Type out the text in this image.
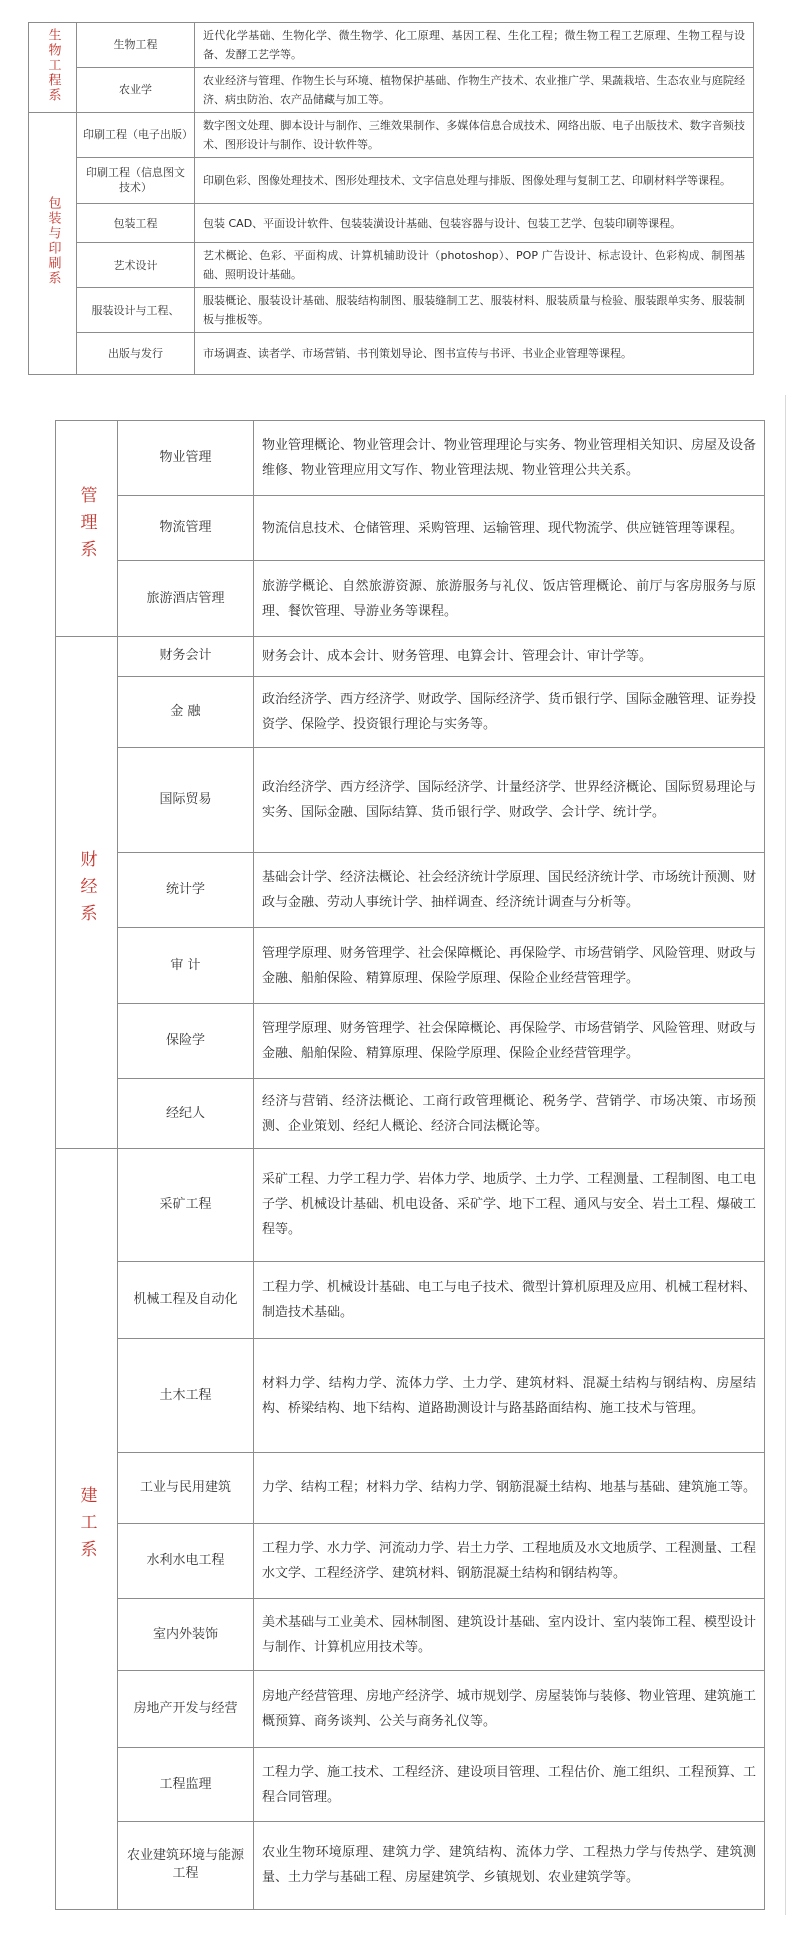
生物工程系	生物工程	近代化学基础、生物化学、微生物学、化工原理、基因工程、生化工程；微生物工程工艺原理、生物工程与设备、发酵工艺学等。
	农业学	农业经济与管理、作物生长与环境、植物保护基础、作物生产技术、农业推广学、果蔬栽培、生态农业与庭院经济、病虫防治、农产品储藏与加工等。
包装与印刷系	印刷工程（电子出版）	数字图文处理、脚本设计与制作、三维效果制作、多媒体信息合成技术、网络出版、电子出版技术、数字音频技术、图形设计与制作、设计软件等。
	印刷工程（信息图文技术）	印刷色彩、图像处理技术、图形处理技术、文字信息处理与排版、图像处理与复制工艺、印刷材料学等课程。
	包装工程	包装 CAD、平面设计软件、包装装潢设计基础、包装容器与设计、包装工艺学、包装印刷等课程。
	艺术设计	艺术概论、色彩、平面构成、计算机辅助设计（photoshop）、POP 广告设计、标志设计、色彩构成、制图基础、照明设计基础。
	服装设计与工程、	服装概论、服装设计基础、服装结构制图、服装缝制工艺、服装材料、服装质量与检验、服装跟单实务、服装制板与推板等。
	出版与发行	市场调查、读者学、市场营销、书刊策划导论、图书宣传与书评、书业企业管理等课程。
管理系	物业管理	物业管理概论、物业管理会计、物业管理理论与实务、物业管理相关知识、房屋及设备维修、物业管理应用文写作、物业管理法规、物业管理公共关系。
	物流管理	物流信息技术、仓储管理、采购管理、运输管理、现代物流学、供应链管理等课程。
	旅游酒店管理	旅游学概论、自然旅游资源、旅游服务与礼仪、饭店管理概论、前厅与客房服务与原理、餐饮管理、导游业务等课程。
财经系	财务会计	财务会计、成本会计、财务管理、电算会计、管理会计、审计学等。
	金 融	政治经济学、西方经济学、财政学、国际经济学、货币银行学、国际金融管理、证券投资学、保险学、投资银行理论与实务等。
	国际贸易	政治经济学、西方经济学、国际经济学、计量经济学、世界经济概论、国际贸易理论与实务、国际金融、国际结算、货币银行学、财政学、会计学、统计学。
	统计学	基础会计学、经济法概论、社会经济统计学原理、国民经济统计学、市场统计预测、财政与金融、劳动人事统计学、抽样调查、经济统计调查与分析等。
	审 计	管理学原理、财务管理学、社会保障概论、再保险学、市场营销学、风险管理、财政与金融、船舶保险、精算原理、保险学原理、保险企业经营管理学。
	保险学	管理学原理、财务管理学、社会保障概论、再保险学、市场营销学、风险管理、财政与金融、船舶保险、精算原理、保险学原理、保险企业经营管理学。
	经纪人	经济与营销、经济法概论、工商行政管理概论、税务学、营销学、市场决策、市场预测、企业策划、经纪人概论、经济合同法概论等。
建工系	采矿工程	采矿工程、力学工程力学、岩体力学、地质学、土力学、工程测量、工程制图、电工电子学、机械设计基础、机电设备、采矿学、地下工程、通风与安全、岩土工程、爆破工程等。
	机械工程及自动化	工程力学、机械设计基础、电工与电子技术、微型计算机原理及应用、机械工程材料、制造技术基础。
	土木工程	材料力学、结构力学、流体力学、土力学、建筑材料、混凝土结构与钢结构、房屋结构、桥梁结构、地下结构、道路勘测设计与路基路面结构、施工技术与管理。
	工业与民用建筑	力学、结构工程；材料力学、结构力学、钢筋混凝土结构、地基与基础、建筑施工等。
	水利水电工程	工程力学、水力学、河流动力学、岩土力学、工程地质及水文地质学、工程测量、工程水文学、工程经济学、建筑材料、钢筋混凝土结构和钢结构等。
	室内外装饰	美术基础与工业美术、园林制图、建筑设计基础、室内设计、室内装饰工程、模型设计与制作、计算机应用技术等。
	房地产开发与经营	房地产经营管理、房地产经济学、城市规划学、房屋装饰与装修、物业管理、建筑施工概预算、商务谈判、公关与商务礼仪等。
	工程监理	工程力学、施工技术、工程经济、建设项目管理、工程估价、施工组织、工程预算、工程合同管理。
	农业建筑环境与能源工程	农业生物环境原理、建筑力学、建筑结构、流体力学、工程热力学与传热学、建筑测量、土力学与基础工程、房屋建筑学、乡镇规划、农业建筑学等。
